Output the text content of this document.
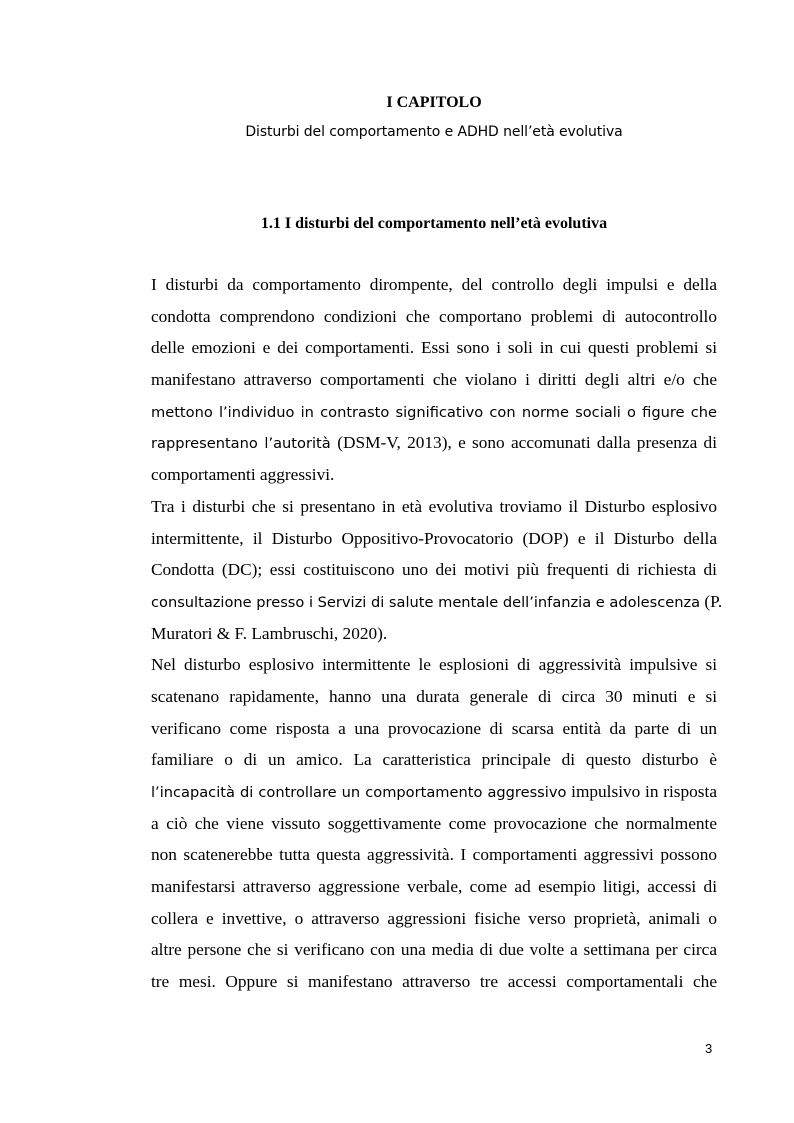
I CAPITOLO
Disturbi del comportamento e ADHD nell’età evolutiva
1.1 I disturbi del comportamento nell’età evolutiva
I disturbi da comportamento dirompente, del controllo degli impulsi e della
condotta comprendono condizioni che comportano problemi di autocontrollo
delle emozioni e dei comportamenti. Essi sono i soli in cui questi problemi si
manifestano attraverso comportamenti che violano i diritti degli altri e/o che
mettono l’individuo in contrasto significativo con norme sociali o figure che
rappresentano l’autorità (DSM-V, 2013), e sono accomunati dalla presenza di
comportamenti aggressivi.
Tra i disturbi che si presentano in età evolutiva troviamo il Disturbo esplosivo
intermittente, il Disturbo Oppositivo-Provocatorio (DOP) e il Disturbo della
Condotta (DC); essi costituiscono uno dei motivi più frequenti di richiesta di
consultazione presso i Servizi di salute mentale dell’infanzia e adolescenza (P.
Muratori & F. Lambruschi, 2020).
Nel disturbo esplosivo intermittente le esplosioni di aggressività impulsive si
scatenano rapidamente, hanno una durata generale di circa 30 minuti e si
verificano come risposta a una provocazione di scarsa entità da parte di un
familiare o di un amico. La caratteristica principale di questo disturbo è
l’incapacità di controllare un comportamento aggressivo impulsivo in risposta
a ciò che viene vissuto soggettivamente come provocazione che normalmente
non scatenerebbe tutta questa aggressività. I comportamenti aggressivi possono
manifestarsi attraverso aggressione verbale, come ad esempio litigi, accessi di
collera e invettive, o attraverso aggressioni fisiche verso proprietà, animali o
altre persone che si verificano con una media di due volte a settimana per circa
tre mesi. Oppure si manifestano attraverso tre accessi comportamentali che
3
